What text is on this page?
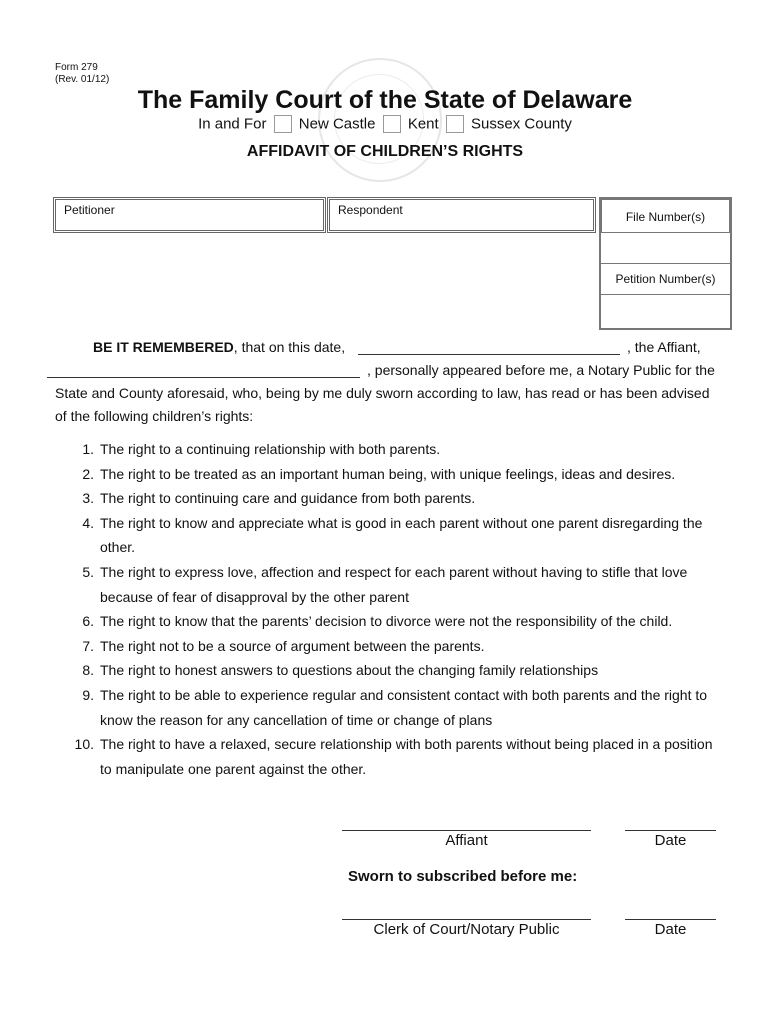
Form 279
(Rev. 01/12)
The Family Court of the State of Delaware
In and For New Castle Kent Sussex County
AFFIDAVIT OF CHILDREN’S RIGHTS
Petitioner	Respondent	File Number(s)
Petition Number(s)
BE IT REMEMBERED, that on this date,	, the Affiant,
, personally appeared before me, a Notary Public for the
State and County aforesaid, who, being by me duly sworn according to law, has read or has been advised
of the following children’s rights:
1. The right to a continuing relationship with both parents.
2. The right to be treated as an important human being, with unique feelings, ideas and desires.
3. The right to continuing care and guidance from both parents.
4. The right to know and appreciate what is good in each parent without one parent disregarding the other.
5. The right to express love, affection and respect for each parent without having to stifle that love because of fear of disapproval by the other parent
6. The right to know that the parents’ decision to divorce were not the responsibility of the child.
7. The right not to be a source of argument between the parents.
8. The right to honest answers to questions about the changing family relationships
9. The right to be able to experience regular and consistent contact with both parents and the right to know the reason for any cancellation of time or change of plans
10. The right to have a relaxed, secure relationship with both parents without being placed in a position to manipulate one parent against the other.
Affiant	Date
Sworn to subscribed before me:
Clerk of Court/Notary Public	Date
